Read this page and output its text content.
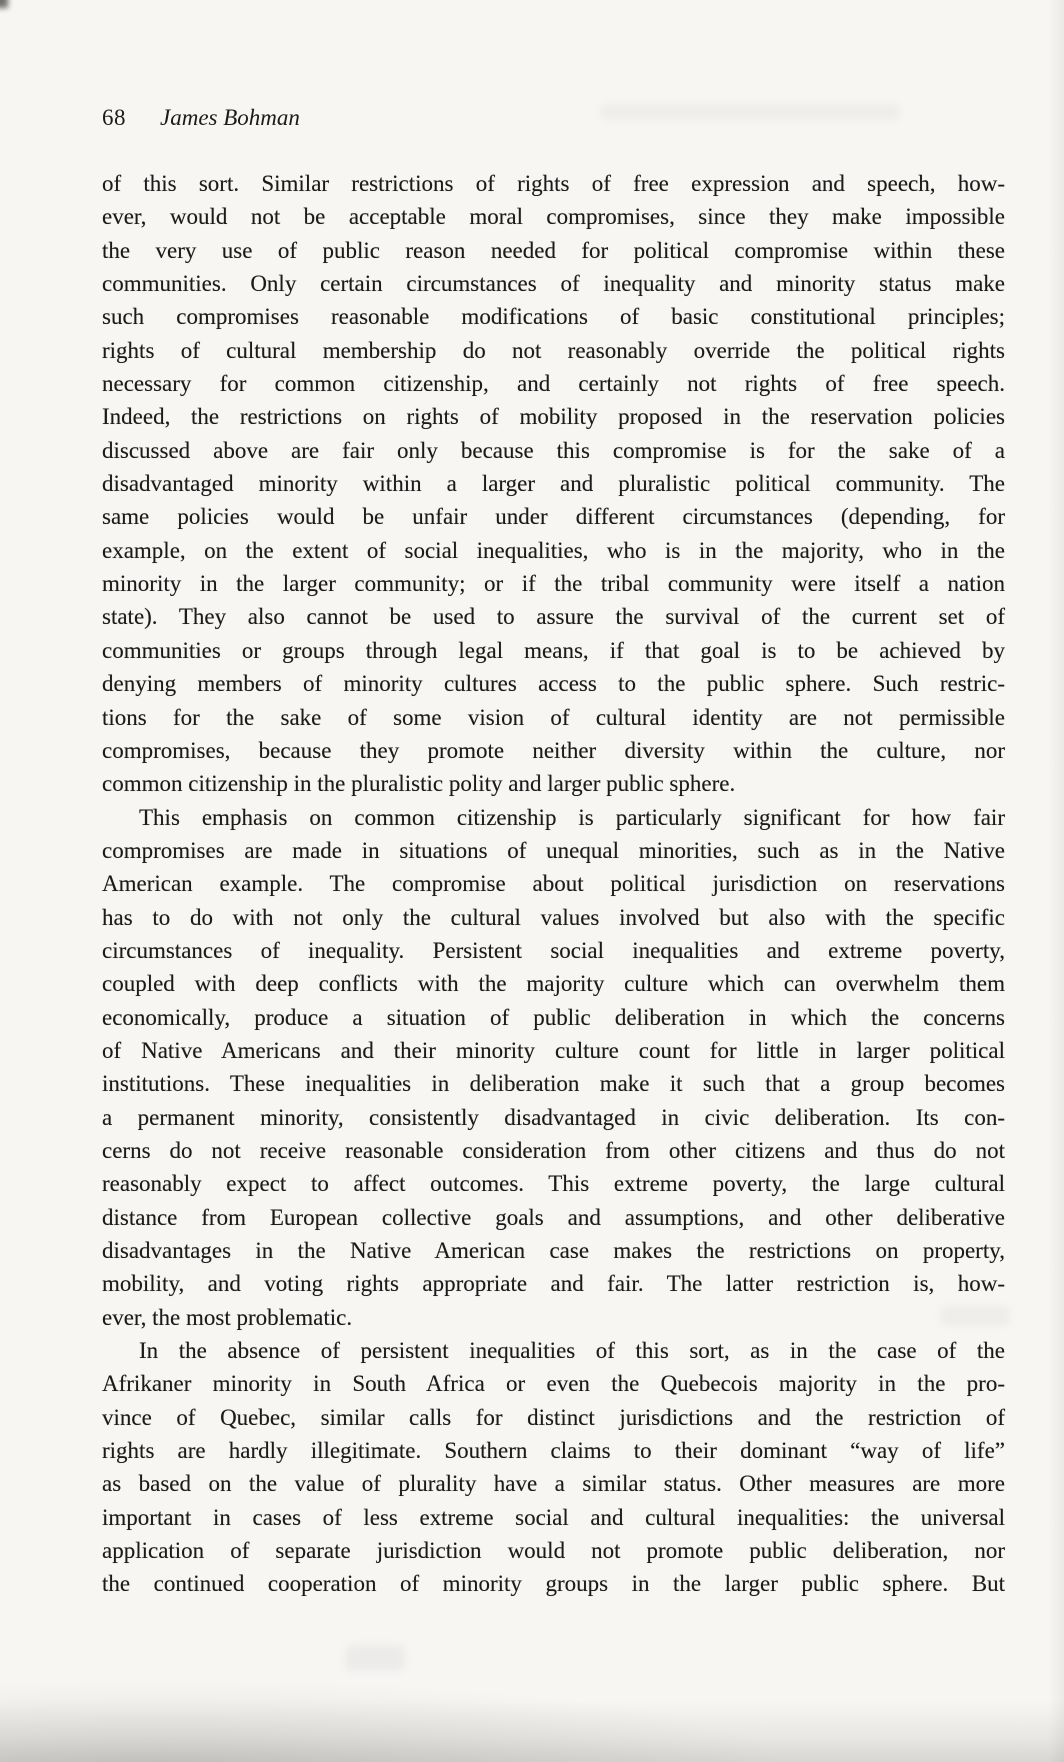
68 James Bohman
of this sort. Similar restrictions of rights of free expression and speech, how-
ever, would not be acceptable moral compromises, since they make impossible
the very use of public reason needed for political compromise within these
communities. Only certain circumstances of inequality and minority status make
such compromises reasonable modifications of basic constitutional principles;
rights of cultural membership do not reasonably override the political rights
necessary for common citizenship, and certainly not rights of free speech.
Indeed, the restrictions on rights of mobility proposed in the reservation policies
discussed above are fair only because this compromise is for the sake of a
disadvantaged minority within a larger and pluralistic political community. The
same policies would be unfair under different circumstances (depending, for
example, on the extent of social inequalities, who is in the majority, who in the
minority in the larger community; or if the tribal community were itself a nation
state). They also cannot be used to assure the survival of the current set of
communities or groups through legal means, if that goal is to be achieved by
denying members of minority cultures access to the public sphere. Such restric-
tions for the sake of some vision of cultural identity are not permissible
compromises, because they promote neither diversity within the culture, nor
common citizenship in the pluralistic polity and larger public sphere.
This emphasis on common citizenship is particularly significant for how fair
compromises are made in situations of unequal minorities, such as in the Native
American example. The compromise about political jurisdiction on reservations
has to do with not only the cultural values involved but also with the specific
circumstances of inequality. Persistent social inequalities and extreme poverty,
coupled with deep conflicts with the majority culture which can overwhelm them
economically, produce a situation of public deliberation in which the concerns
of Native Americans and their minority culture count for little in larger political
institutions. These inequalities in deliberation make it such that a group becomes
a permanent minority, consistently disadvantaged in civic deliberation. Its con-
cerns do not receive reasonable consideration from other citizens and thus do not
reasonably expect to affect outcomes. This extreme poverty, the large cultural
distance from European collective goals and assumptions, and other deliberative
disadvantages in the Native American case makes the restrictions on property,
mobility, and voting rights appropriate and fair. The latter restriction is, how-
ever, the most problematic.
In the absence of persistent inequalities of this sort, as in the case of the
Afrikaner minority in South Africa or even the Quebecois majority in the pro-
vince of Quebec, similar calls for distinct jurisdictions and the restriction of
rights are hardly illegitimate. Southern claims to their dominant “way of life”
as based on the value of plurality have a similar status. Other measures are more
important in cases of less extreme social and cultural inequalities: the universal
application of separate jurisdiction would not promote public deliberation, nor
the continued cooperation of minority groups in the larger public sphere. But
